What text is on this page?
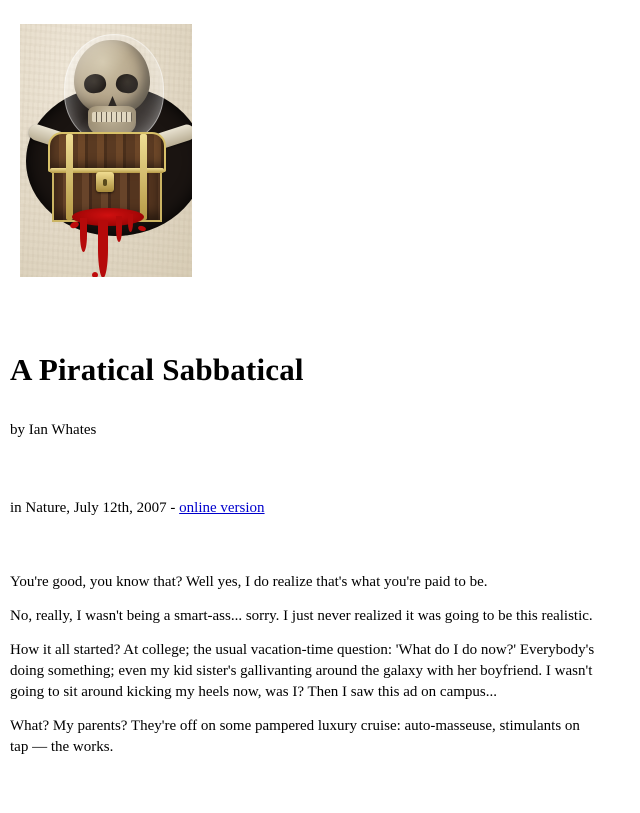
A Piratical Sabbatical
by Ian Whates
in Nature, July 12th, 2007 - online version

You're good, you know that? Well yes, I do realize that's what you're paid to be.

No, really, I wasn't being a smart-ass... sorry. I just never realized it was going to be this realistic.

How it all started? At college; the usual vacation-time question: 'What do I do now?' Everybody's doing something; even my kid sister's gallivanting around the galaxy with her boyfriend. I wasn't going to sit around kicking my heels now, was I? Then I saw this ad on campus...

What? My parents? They're off on some pampered luxury cruise: auto-masseuse, stimulants on tap — the works.
